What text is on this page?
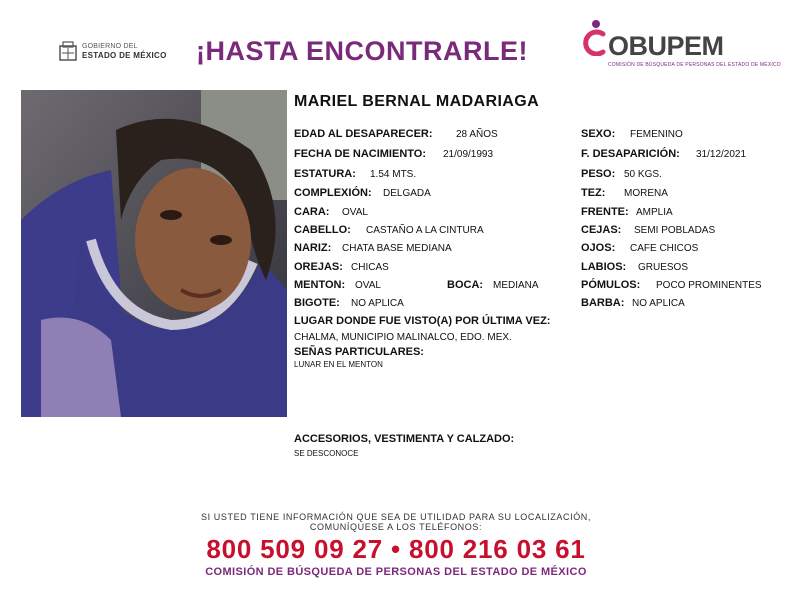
GOBIERNO DEL
ESTADO DE MÉXICO ¡HASTA ENCONTRARLE!	OBUPEM
COMISIÓN DE BÚSQUEDA DE PERSONAS DEL ESTADO DE MÉXICO
MARIEL BERNAL MADARIAGA
EDAD AL DESAPARECER: 28 AÑOS
FECHA DE NACIMIENTO: 21/09/1993
ESTATURA: 1.54 MTS.
COMPLEXIÓN: DELGADA
CARA: OVAL
CABELLO: CASTAÑO A LA CINTURA
NARIZ: CHATA BASE MEDIANA
OREJAS: CHICAS
MENTON: OVAL	BOCA: MEDIANA
BIGOTE: NO APLICA
SEXO: FEMENINO
F. DESAPARICIÓN: 31/12/2021
PESO: 50 KGS.
TEZ: MORENA
FRENTE: AMPLIA
CEJAS: SEMI POBLADAS
OJOS: CAFE CHICOS
LABIOS: GRUESOS
PÓMULOS: POCO PROMINENTES
BARBA: NO APLICA
LUGAR DONDE FUE VISTO(A) POR ÚLTIMA VEZ:
CHALMA, MUNICIPIO MALINALCO, EDO. MEX.
SEÑAS PARTICULARES:
LUNAR EN EL MENTON
ACCESORIOS, VESTIMENTA Y CALZADO:
SE DESCONOCE
SI USTED TIENE INFORMACIÓN QUE SEA DE UTILIDAD PARA SU LOCALIZACIÓN,
COMUNÍQUESE A LOS TELÉFONOS:
800 509 09 27 • 800 216 03 61
COMISIÓN DE BÚSQUEDA DE PERSONAS DEL ESTADO DE MÉXICO
